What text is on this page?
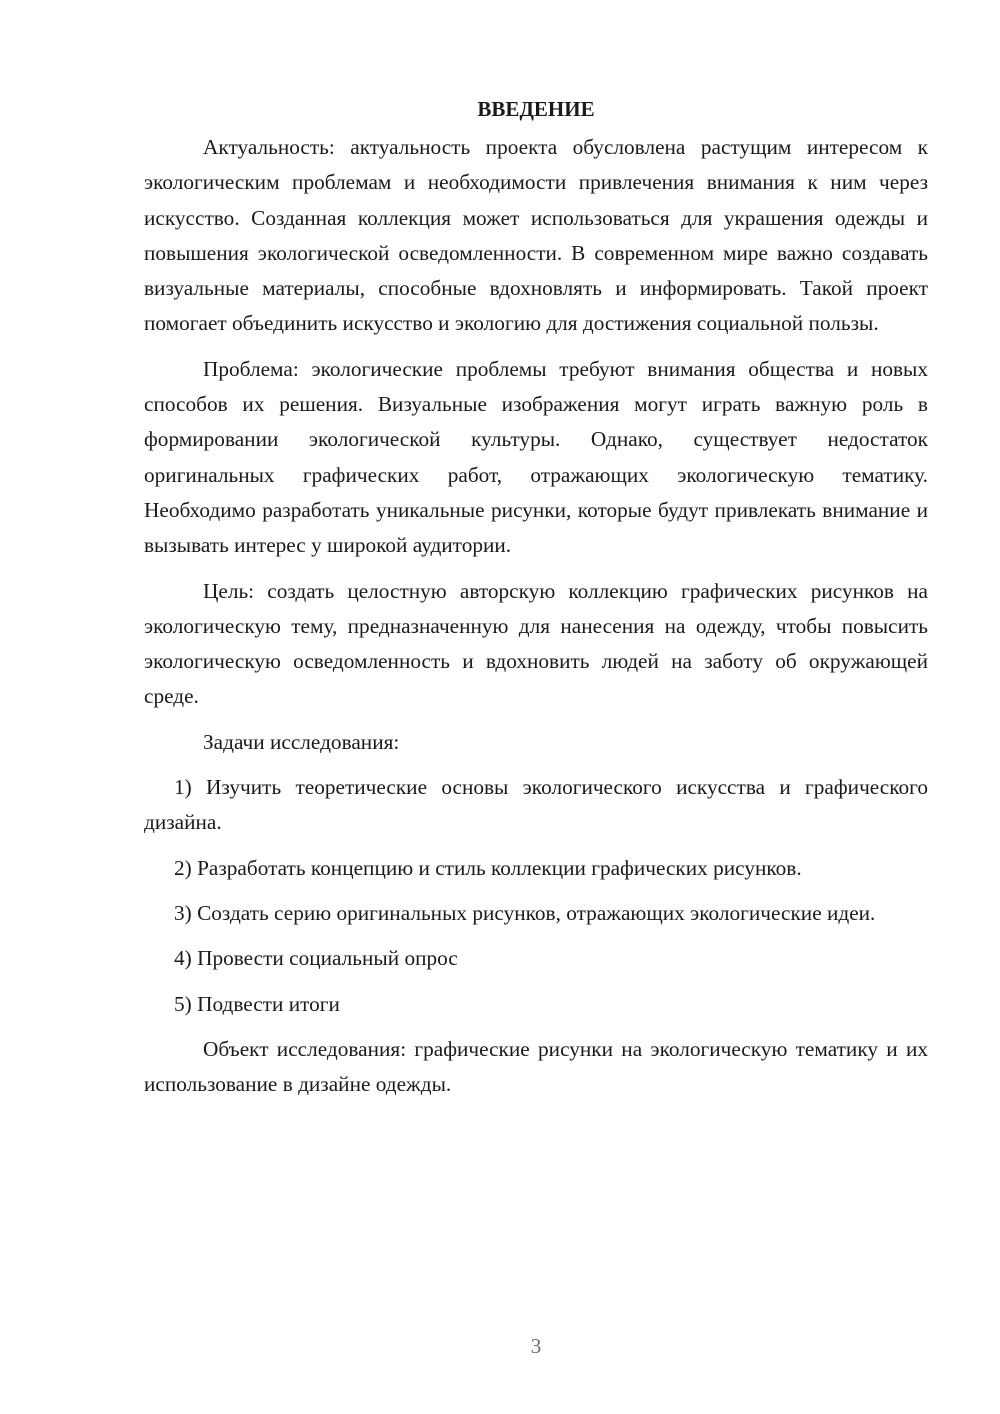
ВВЕДЕНИЕ

Актуальность: актуальность проекта обусловлена растущим интересом к экологическим проблемам и необходимости привлечения внимания к ним через искусство. Созданная коллекция может использоваться для украшения одежды и повышения экологической осведомленности. В современном мире важно создавать визуальные материалы, способные вдохновлять и информировать. Такой проект помогает объединить искусство и экологию для достижения социальной пользы.

Проблема: экологические проблемы требуют внимания общества и новых способов их решения. Визуальные изображения могут играть важную роль в формировании экологической культуры. Однако, существует недостаток оригинальных графических работ, отражающих экологическую тематику. Необходимо разработать уникальные рисунки, которые будут привлекать внимание и вызывать интерес у широкой аудитории.

Цель: создать целостную авторскую коллекцию графических рисунков на экологическую тему, предназначенную для нанесения на одежду, чтобы повысить экологическую осведомленность и вдохновить людей на заботу об окружающей среде.

Задачи исследования:

1) Изучить теоретические основы экологического искусства и графического дизайна.

2) Разработать концепцию и стиль коллекции графических рисунков.

3) Создать серию оригинальных рисунков, отражающих экологические идеи.

4) Провести социальный опрос

5) Подвести итоги

Объект исследования: графические рисунки на экологическую тематику и их использование в дизайне одежды.

3
